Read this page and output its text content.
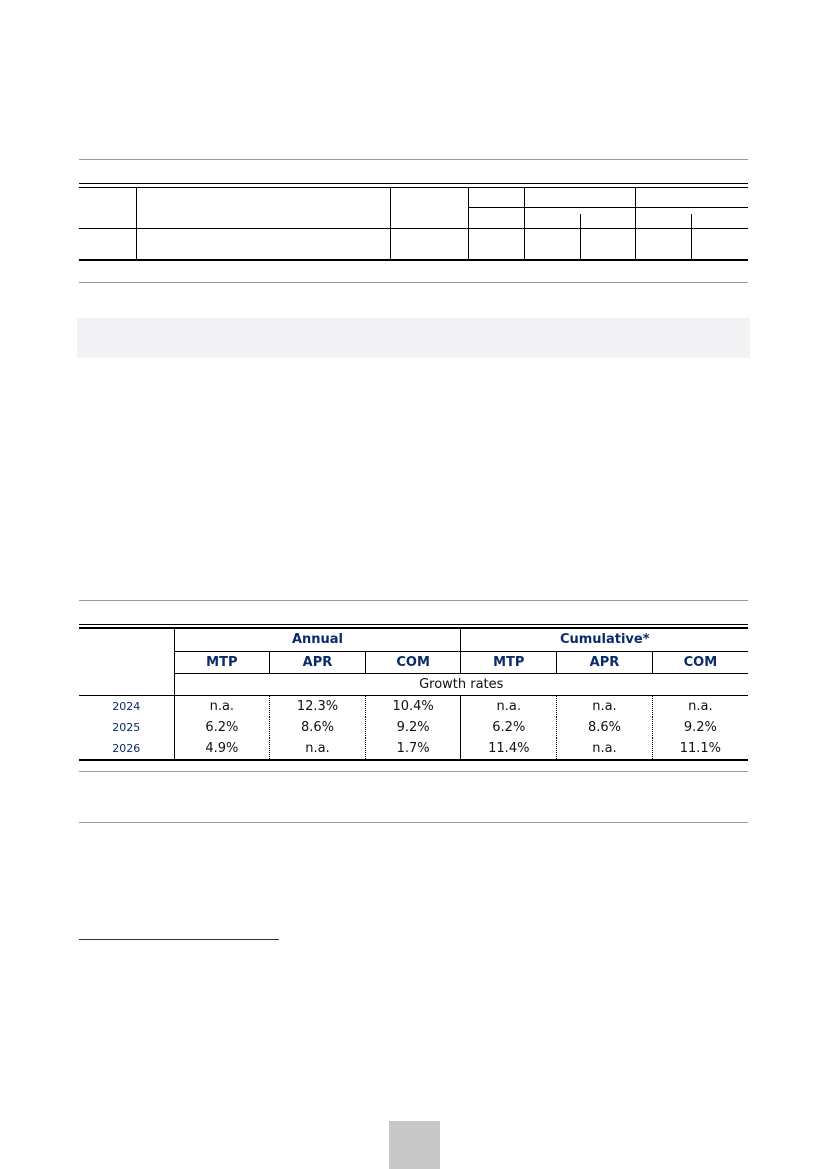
	Annual			Cumulative*		
	MTP	APR	COM	MTP	APR	COM
	Growth rates					
2024	n.a.	12.3%	10.4%	n.a.	n.a.	n.a.
2025	6.2%	8.6%	9.2%	6.2%	8.6%	9.2%
2026	4.9%	n.a.	1.7%	11.4%	n.a.	11.1%
